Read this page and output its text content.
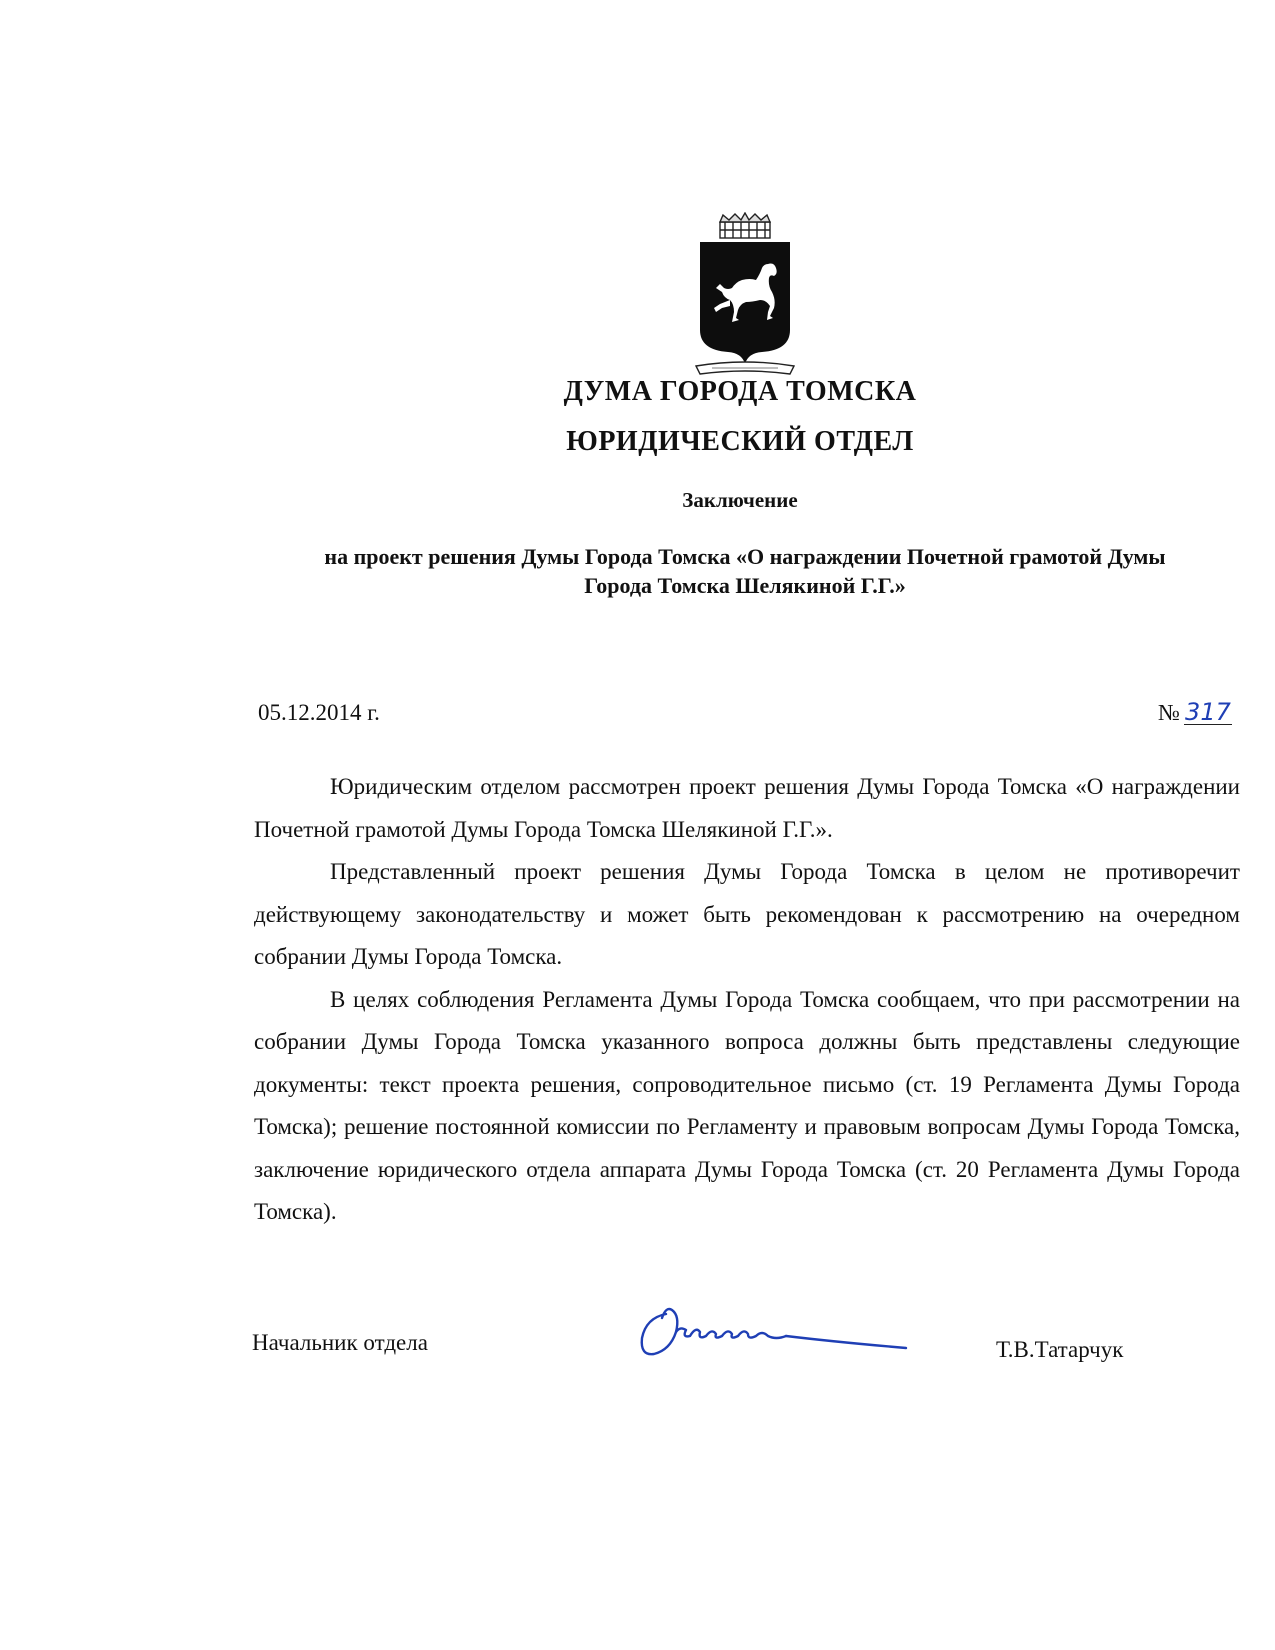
ДУМА ГОРОДА ТОМСКА
ЮРИДИЧЕСКИЙ ОТДЕЛ
Заключение
на проект решения Думы Города Томска «О награждении Почетной грамотой Думы
Города Томска Шелякиной Г.Г.»
05.12.2014 г.	№ 317

Юридическим отделом рассмотрен проект решения Думы Города Томска «О награждении Почетной грамотой Думы Города Томска Шелякиной Г.Г.».

Представленный проект решения Думы Города Томска в целом не противоречит действующему законодательству и может быть рекомендован к рассмотрению на очередном собрании Думы Города Томска.

В целях соблюдения Регламента Думы Города Томска сообщаем, что при рассмотрении на собрании Думы Города Томска указанного вопроса должны быть представлены следующие документы: текст проекта решения, сопроводительное письмо (ст. 19 Регламента Думы Города Томска); решение постоянной комиссии по Регламенту и правовым вопросам Думы Города Томска, заключение юридического отдела аппарата Думы Города Томска (ст. 20 Регламента Думы Города Томска).

Начальник отдела	Т.В.Татарчук
